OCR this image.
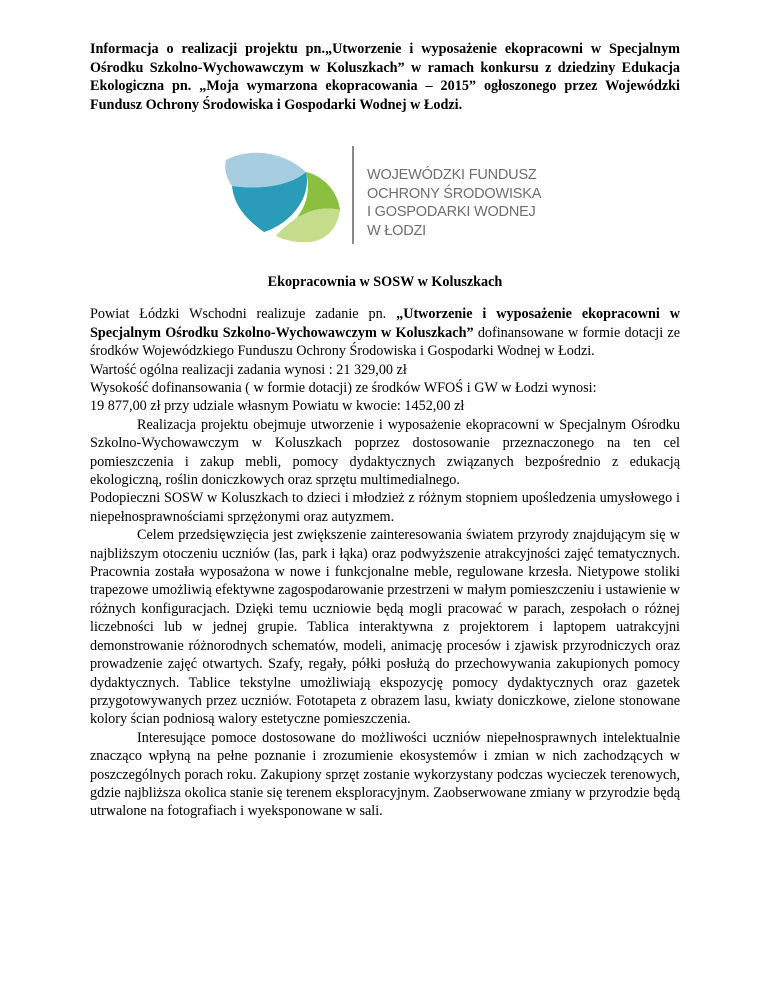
Informacja o realizacji projektu pn.„Utworzenie i wyposażenie ekopracowni w Specjalnym Ośrodku Szkolno-Wychowawczym w Koluszkach” w ramach konkursu z dziedziny Edukacja Ekologiczna pn. „Moja wymarzona ekopracowania – 2015” ogłoszonego przez Wojewódzki Fundusz Ochrony Środowiska i Gospodarki Wodnej w Łodzi.

WOJEWÓDZKI FUNDUSZ
OCHRONY ŚRODOWISKA
I GOSPODARKI WODNEJ
W ŁODZI
Ekopracownia w SOSW w Koluszkach

Powiat Łódzki Wschodni realizuje zadanie pn. „Utworzenie i wyposażenie ekopracowni w Specjalnym Ośrodku Szkolno-Wychowawczym w Koluszkach” dofinansowane w formie dotacji ze środków Wojewódzkiego Funduszu Ochrony Środowiska i Gospodarki Wodnej w Łodzi.

Wartość ogólna realizacji zadania wynosi : 21 329,00 zł

Wysokość dofinansowania ( w formie dotacji) ze środków WFOŚ i GW w Łodzi wynosi:

19 877,00 zł przy udziale własnym Powiatu w kwocie: 1452,00 zł

Realizacja projektu obejmuje utworzenie i wyposażenie ekopracowni w Specjalnym Ośrodku Szkolno-Wychowawczym w Koluszkach poprzez dostosowanie przeznaczonego na ten cel pomieszczenia i zakup mebli, pomocy dydaktycznych związanych bezpośrednio z edukacją ekologiczną, roślin doniczkowych oraz sprzętu multimedialnego.

Podopieczni SOSW w Koluszkach to dzieci i młodzież z różnym stopniem upośledzenia umysłowego i niepełnosprawnościami sprzężonymi oraz autyzmem.

Celem przedsięwzięcia jest zwiększenie zainteresowania światem przyrody znajdującym się w najbliższym otoczeniu uczniów (las, park i łąka) oraz podwyższenie atrakcyjności zajęć tematycznych. Pracownia została wyposażona w nowe i funkcjonalne meble, regulowane krzesła. Nietypowe stoliki trapezowe umożliwią efektywne zagospodarowanie przestrzeni w małym pomieszczeniu i ustawienie w różnych konfiguracjach. Dzięki temu uczniowie będą mogli pracować w parach, zespołach o różnej liczebności lub w jednej grupie. Tablica interaktywna z projektorem i laptopem uatrakcyjni demonstrowanie różnorodnych schematów, modeli, animację procesów i zjawisk przyrodniczych oraz prowadzenie zajęć otwartych. Szafy, regały, półki posłużą do przechowywania zakupionych pomocy dydaktycznych. Tablice tekstylne umożliwiają ekspozycję pomocy dydaktycznych oraz gazetek przygotowywanych przez uczniów. Fototapeta z obrazem lasu, kwiaty doniczkowe, zielone stonowane kolory ścian podniosą walory estetyczne pomieszczenia.

Interesujące pomoce dostosowane do możliwości uczniów niepełnosprawnych intelektualnie znacząco wpłyną na pełne poznanie i zrozumienie ekosystemów i zmian w nich zachodzących w poszczególnych porach roku. Zakupiony sprzęt zostanie wykorzystany podczas wycieczek terenowych, gdzie najbliższa okolica stanie się terenem eksploracyjnym. Zaobserwowane zmiany w przyrodzie będą utrwalone na fotografiach i wyeksponowane w sali.
